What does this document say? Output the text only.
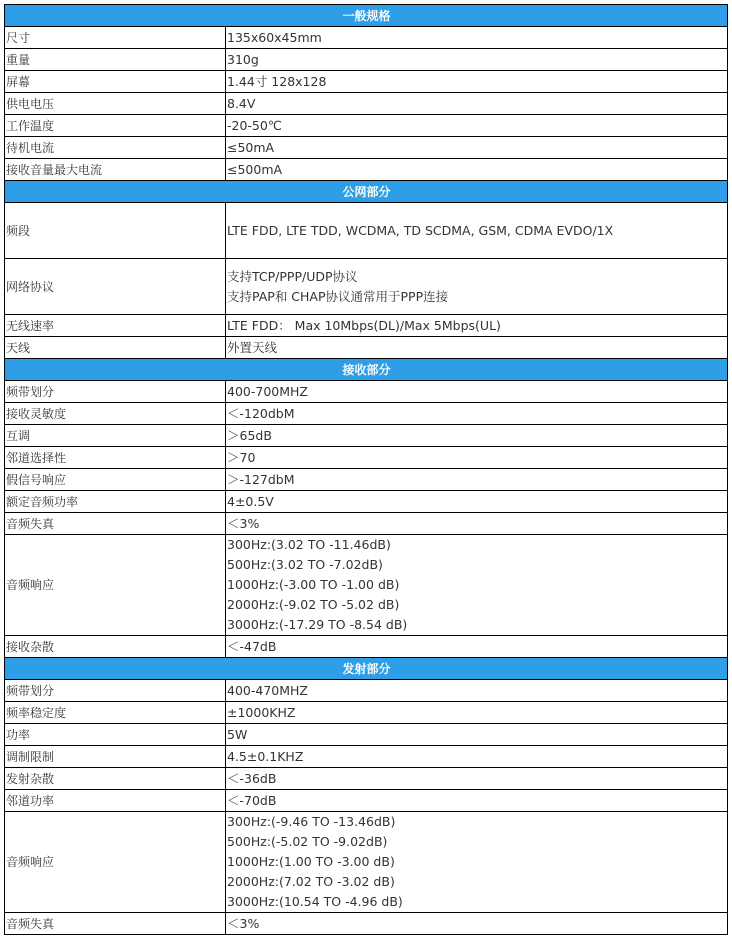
一般规格	
尺寸	135x60x45mm

重量	310g

屏幕	1.44寸 128x128

供电电压	8.4V

工作温度	-20-50℃

待机电流	≤50mA

接收音量最大电流	≤500mA

公网部分	
频段	LTE FDD, LTE TDD, WCDMA, TD SCDMA, GSM, CDMA EVDO/1X

网络协议	支持TCP/PPP/UDP协议
支持PAP和 CHAP协议通常用于PPP连接

无线速率	LTE FDD： Max 10Mbps(DL)/Max 5Mbps(UL)

天线	外置天线

接收部分	
频带划分	400-700MHZ

接收灵敏度	＜-120dbM

互调	＞65dB

邻道选择性	＞70

假信号响应	＞-127dbM

额定音频功率	4±0.5V

音频失真	＜3%

音频响应	300Hz:(3.02 TO -11.46dB)
500Hz:(3.02 TO -7.02dB)
1000Hz:(-3.00 TO -1.00 dB)
2000Hz:(-9.02 TO -5.02 dB)
3000Hz:(-17.29 TO -8.54 dB)

接收杂散	＜-47dB

发射部分	
频带划分	400-470MHZ

频率稳定度	±1000KHZ

功率	5W

调制限制	4.5±0.1KHZ

发射杂散	＜-36dB

邻道功率	＜-70dB

音频响应	300Hz:(-9.46 TO -13.46dB)
500Hz:(-5.02 TO -9.02dB)
1000Hz:(1.00 TO -3.00 dB)
2000Hz:(7.02 TO -3.02 dB)
3000Hz:(10.54 TO -4.96 dB)

音频失真	＜3%
